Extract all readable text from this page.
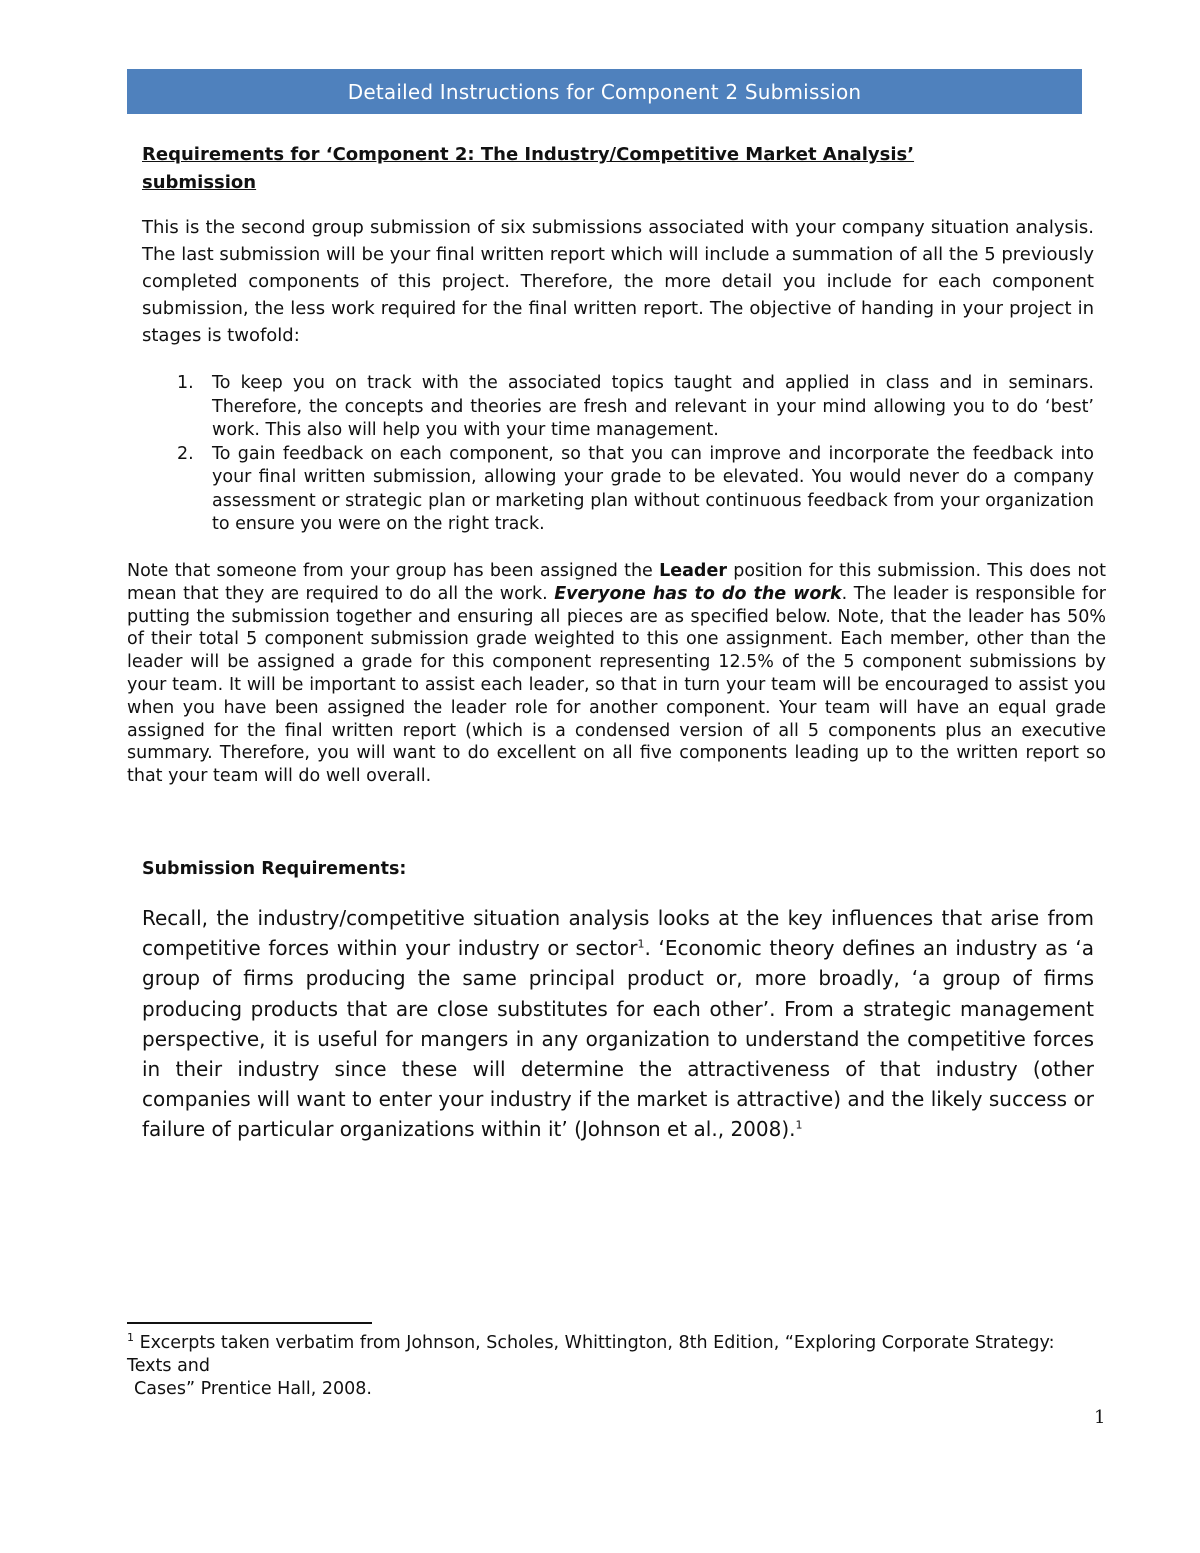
Detailed Instructions for Component 2 Submission
Requirements for ‘Component 2: The Industry/Competitive Market Analysis’ submission

This is the second group submission of six submissions associated with your company situation analysis. The last submission will be your final written report which will include a summation of all the 5 previously completed components of this project. Therefore, the more detail you include for each component submission, the less work required for the final written report. The objective of handing in your project in stages is twofold:

1. To keep you on track with the associated topics taught and applied in class and in seminars. Therefore, the concepts and theories are fresh and relevant in your mind allowing you to do ‘best’ work. This also will help you with your time management.
2. To gain feedback on each component, so that you can improve and incorporate the feedback into your final written submission, allowing your grade to be elevated. You would never do a company assessment or strategic plan or marketing plan without continuous feedback from your organization to ensure you were on the right track.

Note that someone from your group has been assigned the Leader position for this submission. This does not mean that they are required to do all the work. Everyone has to do the work. The leader is responsible for putting the submission together and ensuring all pieces are as specified below. Note, that the leader has 50% of their total 5 component submission grade weighted to this one assignment. Each member, other than the leader will be assigned a grade for this component representing 12.5% of the 5 component submissions by your team. It will be important to assist each leader, so that in turn your team will be encouraged to assist you when you have been assigned the leader role for another component. Your team will have an equal grade assigned for the final written report (which is a condensed version of all 5 components plus an executive summary. Therefore, you will want to do excellent on all five components leading up to the written report so that your team will do well overall.

Submission Requirements:

Recall, the industry/competitive situation analysis looks at the key influences that arise from competitive forces within your industry or sector$^1$. ‘Economic theory defines an industry as ‘a group of firms producing the same principal product or, more broadly, ‘a group of firms producing products that are close substitutes for each other’. From a strategic management perspective, it is useful for mangers in any organization to understand the competitive forces in their industry since these will determine the attractiveness of that industry (other companies will want to enter your industry if the market is attractive) and the likely success or failure of particular organizations within it’ (Johnson et al., 2008).$^1$

$^1$ Excerpts taken verbatim from Johnson, Scholes, Whittington, 8th Edition, “Exploring Corporate Strategy: Texts and
Cases” Prentice Hall, 2008.
1
